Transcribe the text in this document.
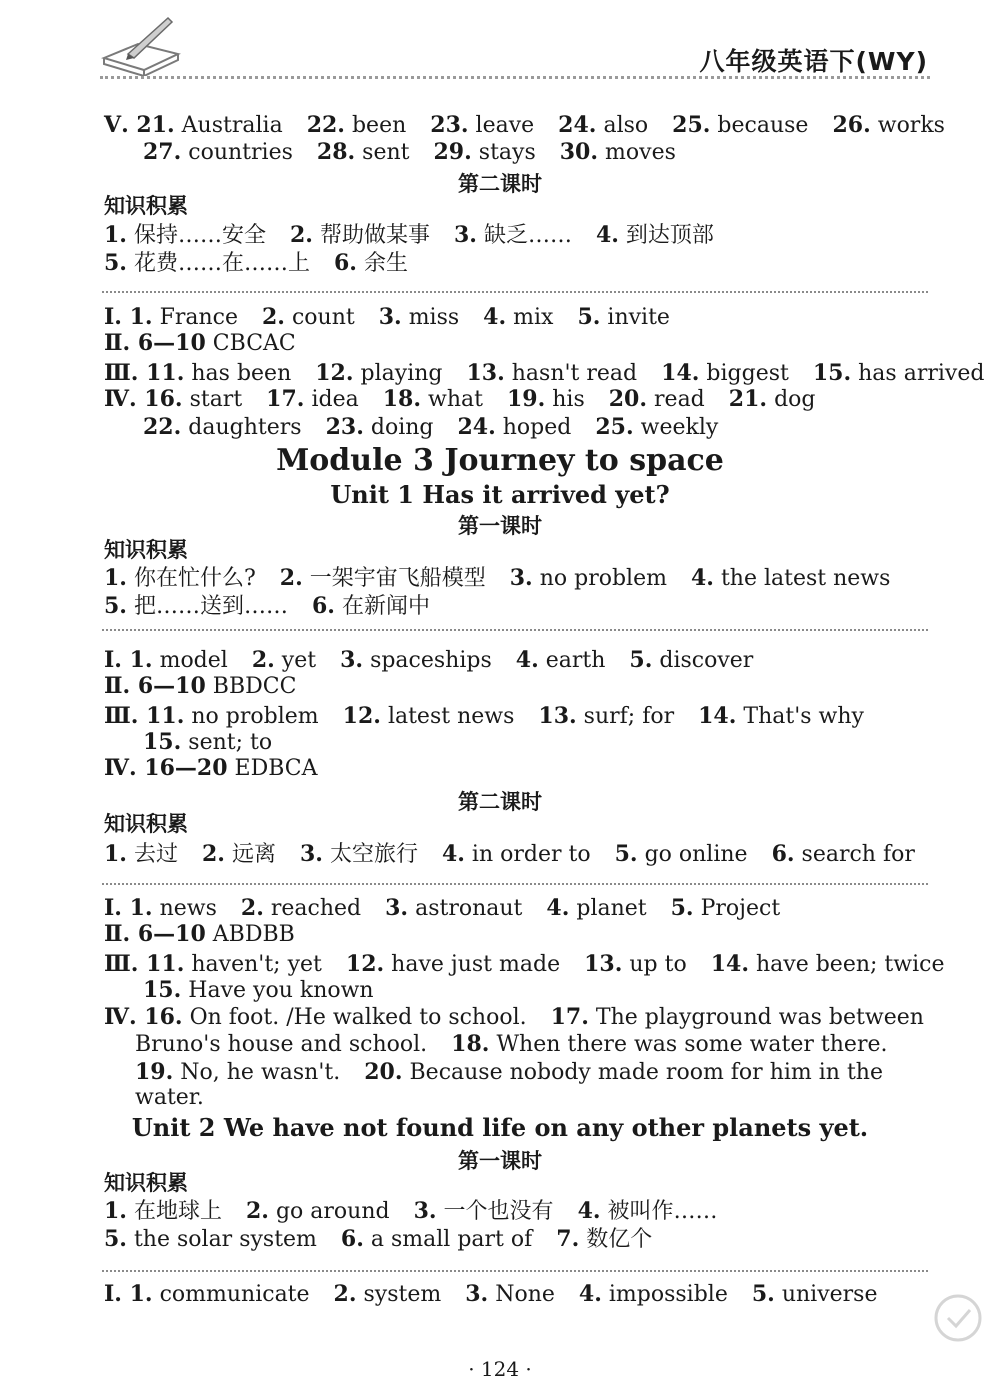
八年级英语下(WY)
Ⅴ. 21. Australia 22. been 23. leave 24. also 25. because 26. works
27. countries 28. sent 29. stays 30. moves
第二课时
知识积累
1. 保持……安全 2. 帮助做某事 3. 缺乏…… 4. 到达顶部
5. 花费……在……上 6. 余生
Ⅰ. 1. France 2. count 3. miss 4. mix 5. invite
Ⅱ. 6—10 CBCAC
Ⅲ. 11. has been 12. playing 13. hasn't read 14. biggest 15. has arrived
Ⅳ. 16. start 17. idea 18. what 19. his 20. read 21. dog
22. daughters 23. doing 24. hoped 25. weekly
Module 3 Journey to space
Unit 1 Has it arrived yet?
第一课时
知识积累
1. 你在忙什么? 2. 一架宇宙飞船模型 3. no problem 4. the latest news
5. 把……送到…… 6. 在新闻中
Ⅰ. 1. model 2. yet 3. spaceships 4. earth 5. discover
Ⅱ. 6—10 BBDCC
Ⅲ. 11. no problem 12. latest news 13. surf; for 14. That's why
15. sent; to
Ⅳ. 16—20 EDBCA
第二课时
知识积累
1. 去过 2. 远离 3. 太空旅行 4. in order to 5. go online 6. search for
Ⅰ. 1. news 2. reached 3. astronaut 4. planet 5. Project
Ⅱ. 6—10 ABDBB
Ⅲ. 11. haven't; yet 12. have just made 13. up to 14. have been; twice
15. Have you known
Ⅳ. 16. On foot. /He walked to school. 17. The playground was between
Bruno's house and school. 18. When there was some water there.
19. No, he wasn't. 20. Because nobody made room for him in the
water.
Unit 2 We have not found life on any other planets yet.
第一课时
知识积累
1. 在地球上 2. go around 3. 一个也没有 4. 被叫作……
5. the solar system 6. a small part of 7. 数亿个
Ⅰ. 1. communicate 2. system 3. None 4. impossible 5. universe
· 124 ·
